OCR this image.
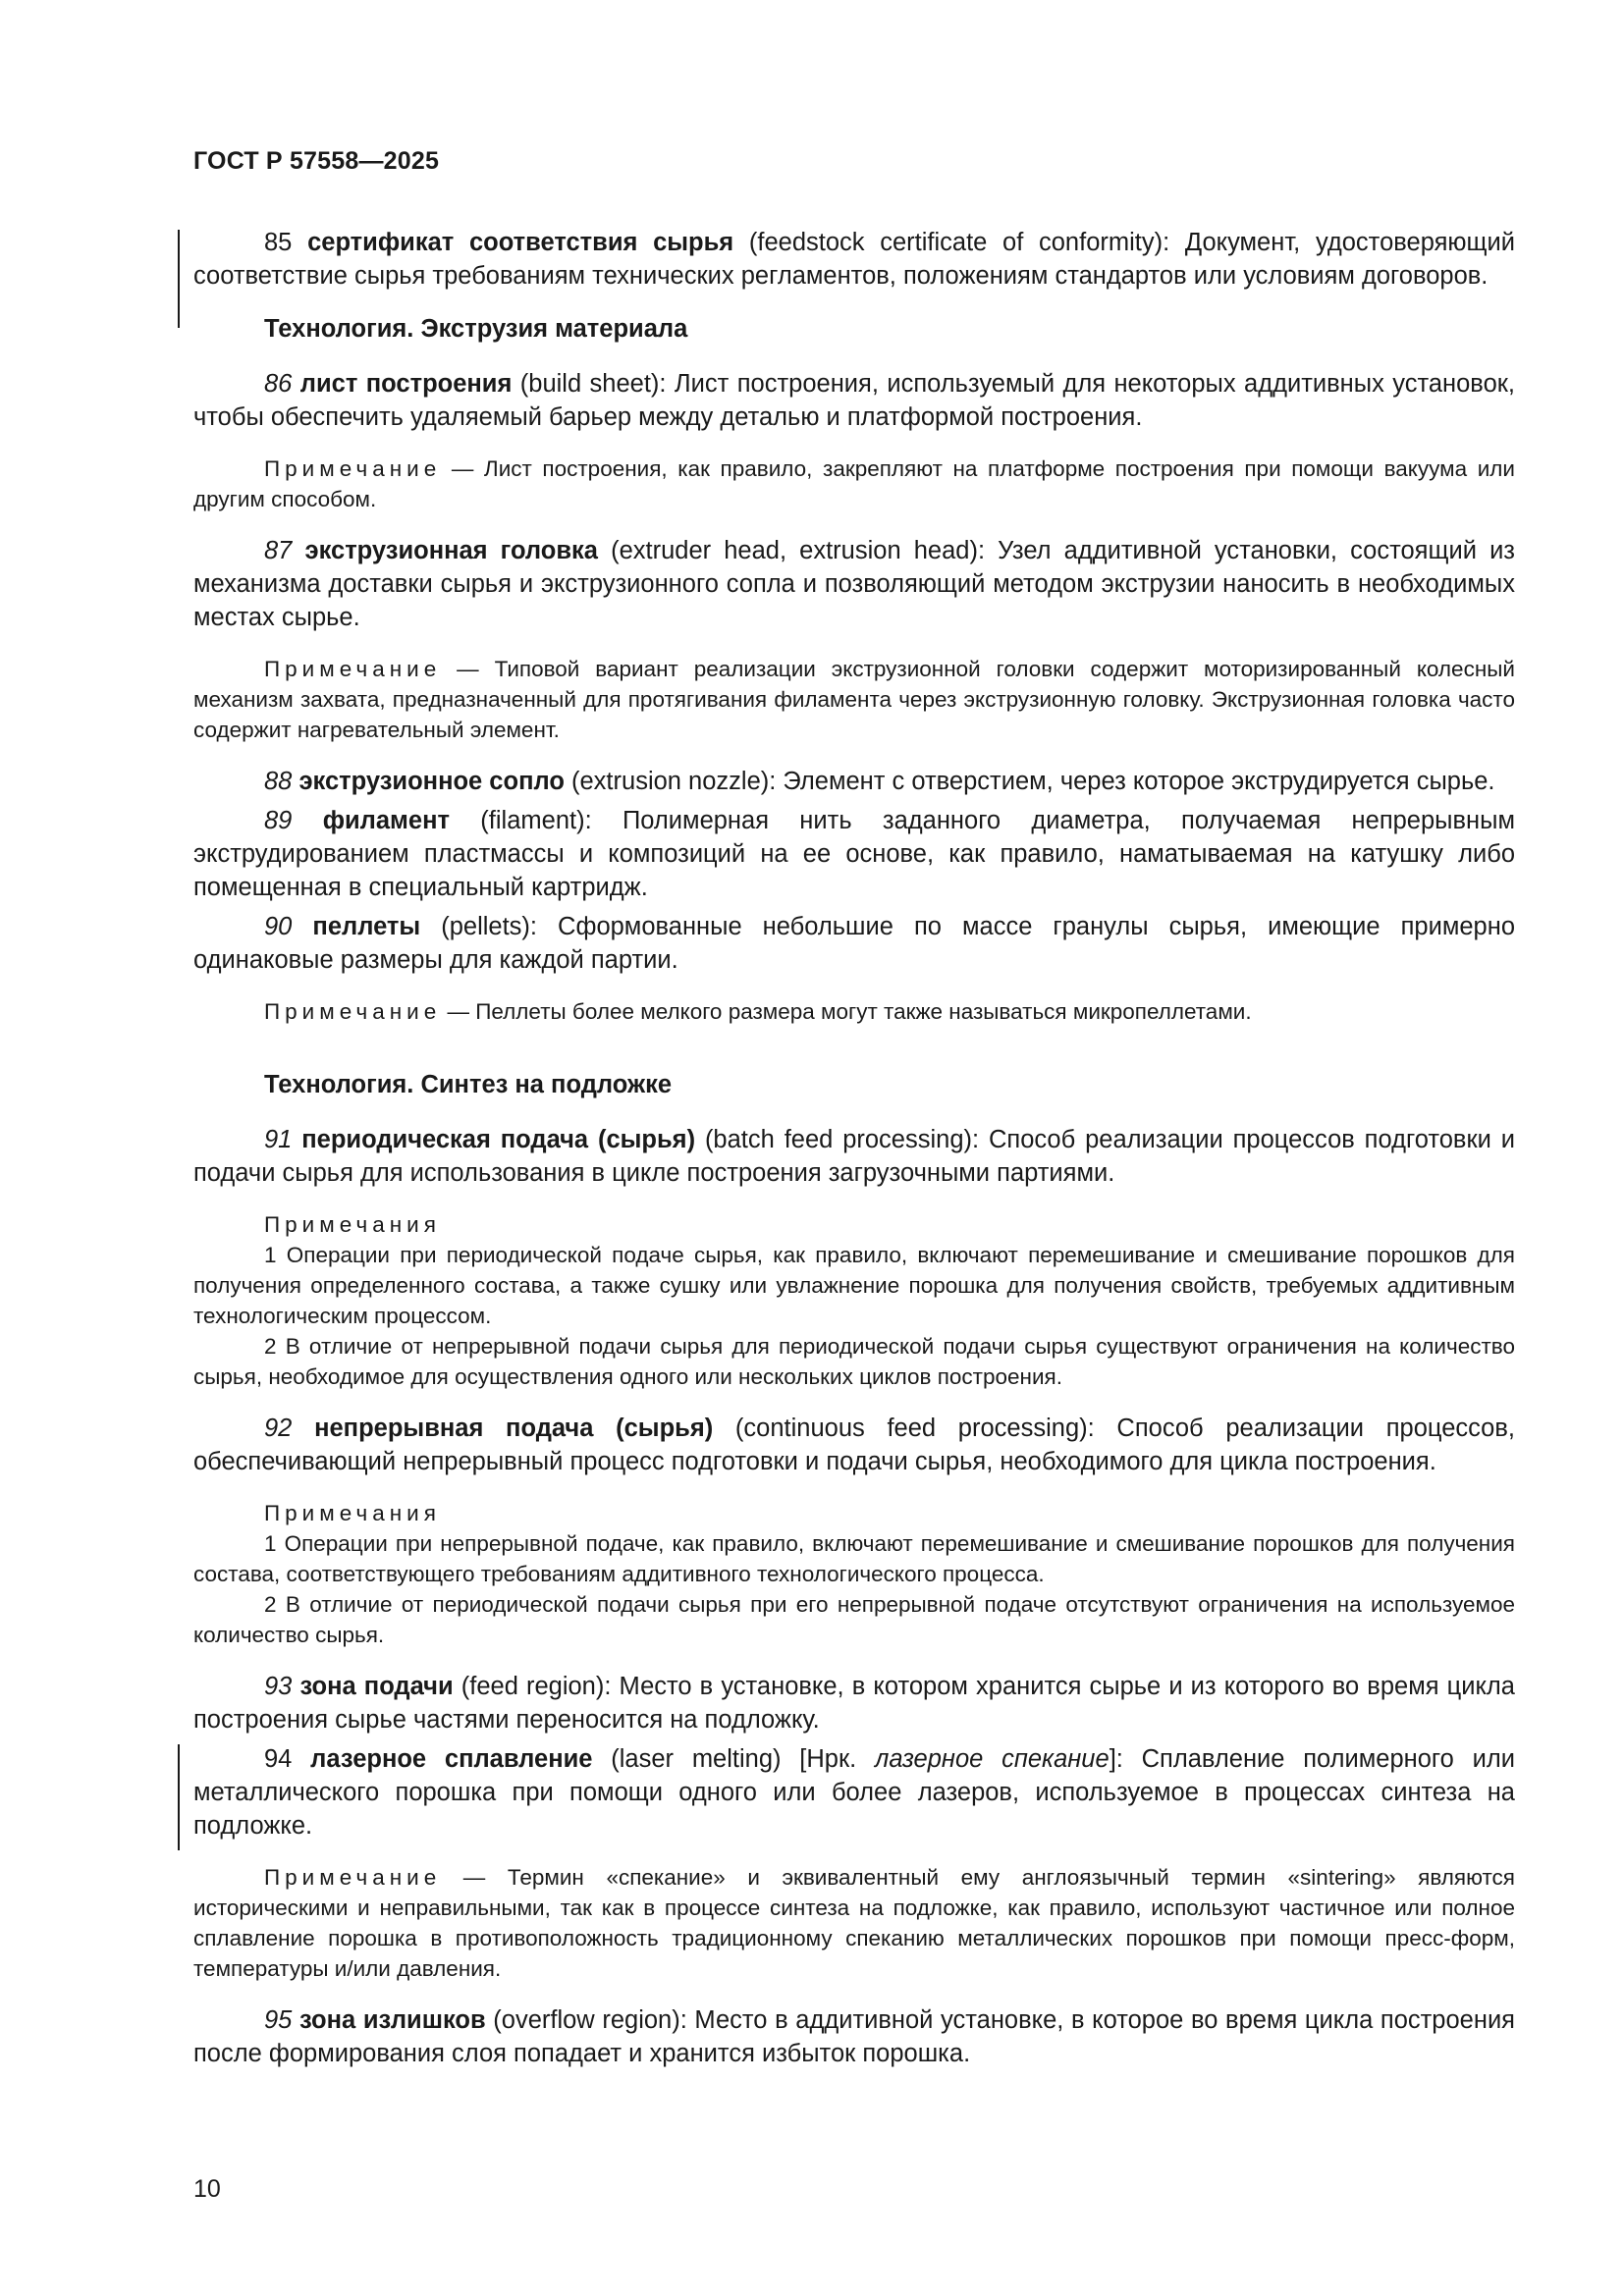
ГОСТ Р 57558—2025

85 сертификат соответствия сырья (feedstock certificate of conformity): Документ, удостоверяющий соответствие сырья требованиям технических регламентов, положениям стандартов или условиям договоров.

Технология. Экструзия материала

86 лист построения (build sheet): Лист построения, используемый для некоторых аддитивных установок, чтобы обеспечить удаляемый барьер между деталью и платформой построения.

Примечание — Лист построения, как правило, закрепляют на платформе построения при помощи вакуума или другим способом.

87 экструзионная головка (extruder head, extrusion head): Узел аддитивной установки, состоящий из механизма доставки сырья и экструзионного сопла и позволяющий методом экструзии наносить в необходимых местах сырье.

Примечание — Типовой вариант реализации экструзионной головки содержит моторизированный колесный механизм захвата, предназначенный для протягивания филамента через экструзионную головку. Экструзионная головка часто содержит нагревательный элемент.

88 экструзионное сопло (extrusion nozzle): Элемент с отверстием, через которое экструдируется сырье.

89 филамент (filament): Полимерная нить заданного диаметра, получаемая непрерывным экструдированием пластмассы и композиций на ее основе, как правило, наматываемая на катушку либо помещенная в специальный картридж.

90 пеллеты (pellets): Сформованные небольшие по массе гранулы сырья, имеющие примерно одинаковые размеры для каждой партии.

Примечание — Пеллеты более мелкого размера могут также называться микропеллетами.

Технология. Синтез на подложке

91 периодическая подача (сырья) (batch feed processing): Способ реализации процессов подготовки и подачи сырья для использования в цикле построения загрузочными партиями.

Примечания

1 Операции при периодической подаче сырья, как правило, включают перемешивание и смешивание порошков для получения определенного состава, а также сушку или увлажнение порошка для получения свойств, требуемых аддитивным технологическим процессом.

2 В отличие от непрерывной подачи сырья для периодической подачи сырья существуют ограничения на количество сырья, необходимое для осуществления одного или нескольких циклов построения.

92 непрерывная подача (сырья) (continuous feed processing): Способ реализации процессов, обеспечивающий непрерывный процесс подготовки и подачи сырья, необходимого для цикла построения.

Примечания

1 Операции при непрерывной подаче, как правило, включают перемешивание и смешивание порошков для получения состава, соответствующего требованиям аддитивного технологического процесса.

2 В отличие от периодической подачи сырья при его непрерывной подаче отсутствуют ограничения на используемое количество сырья.

93 зона подачи (feed region): Место в установке, в котором хранится сырье и из которого во время цикла построения сырье частями переносится на подложку.

94 лазерное сплавление (laser melting) [Нрк. лазерное спекание]: Сплавление полимерного или металлического порошка при помощи одного или более лазеров, используемое в процессах синтеза на подложке.

Примечание — Термин «спекание» и эквивалентный ему англоязычный термин «sintering» являются историческими и неправильными, так как в процессе синтеза на подложке, как правило, используют частичное или полное сплавление порошка в противоположность традиционному спеканию металлических порошков при помощи пресс-форм, температуры и/или давления.

95 зона излишков (overflow region): Место в аддитивной установке, в которое во время цикла построения после формирования слоя попадает и хранится избыток порошка.

10
